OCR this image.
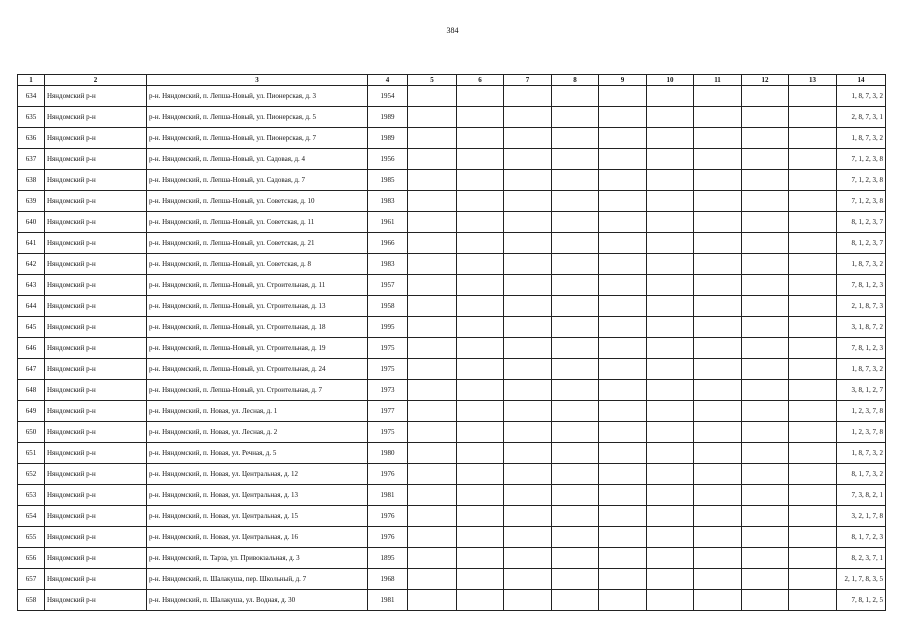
384
1	2	3	4	5	6	7	8	9	10	11	12	13	14
634	Няндомский р-н	р-н. Няндомский, п. Лепша-Новый, ул. Пионерская, д. 3	1954										1, 8, 7, 3, 2
635	Няндомский р-н	р-н. Няндомский, п. Лепша-Новый, ул. Пионерская, д. 5	1989										2, 8, 7, 3, 1
636	Няндомский р-н	р-н. Няндомский, п. Лепша-Новый, ул. Пионерская, д. 7	1989										1, 8, 7, 3, 2
637	Няндомский р-н	р-н. Няндомский, п. Лепша-Новый, ул. Садовая, д. 4	1956										7, 1, 2, 3, 8
638	Няндомский р-н	р-н. Няндомский, п. Лепша-Новый, ул. Садовая, д. 7	1985										7, 1, 2, 3, 8
639	Няндомский р-н	р-н. Няндомский, п. Лепша-Новый, ул. Советская, д. 10	1983										7, 1, 2, 3, 8
640	Няндомский р-н	р-н. Няндомский, п. Лепша-Новый, ул. Советская, д. 11	1961										8, 1, 2, 3, 7
641	Няндомский р-н	р-н. Няндомский, п. Лепша-Новый, ул. Советская, д. 21	1966										8, 1, 2, 3, 7
642	Няндомский р-н	р-н. Няндомский, п. Лепша-Новый, ул. Советская, д. 8	1983										1, 8, 7, 3, 2
643	Няндомский р-н	р-н. Няндомский, п. Лепша-Новый, ул. Строительная, д. 11	1957										7, 8, 1, 2, 3
644	Няндомский р-н	р-н. Няндомский, п. Лепша-Новый, ул. Строительная, д. 13	1958										2, 1, 8, 7, 3
645	Няндомский р-н	р-н. Няндомский, п. Лепша-Новый, ул. Строительная, д. 18	1995										3, 1, 8, 7, 2
646	Няндомский р-н	р-н. Няндомский, п. Лепша-Новый, ул. Строительная, д. 19	1975										7, 8, 1, 2, 3
647	Няндомский р-н	р-н. Няндомский, п. Лепша-Новый, ул. Строительная, д. 24	1975										1, 8, 7, 3, 2
648	Няндомский р-н	р-н. Няндомский, п. Лепша-Новый, ул. Строительная, д. 7	1973										3, 8, 1, 2, 7
649	Няндомский р-н	р-н. Няндомский, п. Новая, ул. Лесная, д. 1	1977										1, 2, 3, 7, 8
650	Няндомский р-н	р-н. Няндомский, п. Новая, ул. Лесная, д. 2	1975										1, 2, 3, 7, 8
651	Няндомский р-н	р-н. Няндомский, п. Новая, ул. Речная, д. 5	1980										1, 8, 7, 3, 2
652	Няндомский р-н	р-н. Няндомский, п. Новая, ул. Центральная, д. 12	1976										8, 1, 7, 3, 2
653	Няндомский р-н	р-н. Няндомский, п. Новая, ул. Центральная, д. 13	1981										7, 3, 8, 2, 1
654	Няндомский р-н	р-н. Няндомский, п. Новая, ул. Центральная, д. 15	1976										3, 2, 1, 7, 8
655	Няндомский р-н	р-н. Няндомский, п. Новая, ул. Центральная, д. 16	1976										8, 1, 7, 2, 3
656	Няндомский р-н	р-н. Няндомский, п. Тарза, ул. Привокзальная, д. 3	1895										8, 2, 3, 7, 1
657	Няндомский р-н	р-н. Няндомский, п. Шалакуша, пер. Школьный, д. 7	1968										2, 1, 7, 8, 3, 5
658	Няндомский р-н	р-н. Няндомский, п. Шалакуша, ул. Водная, д. 30	1981										7, 8, 1, 2, 5
